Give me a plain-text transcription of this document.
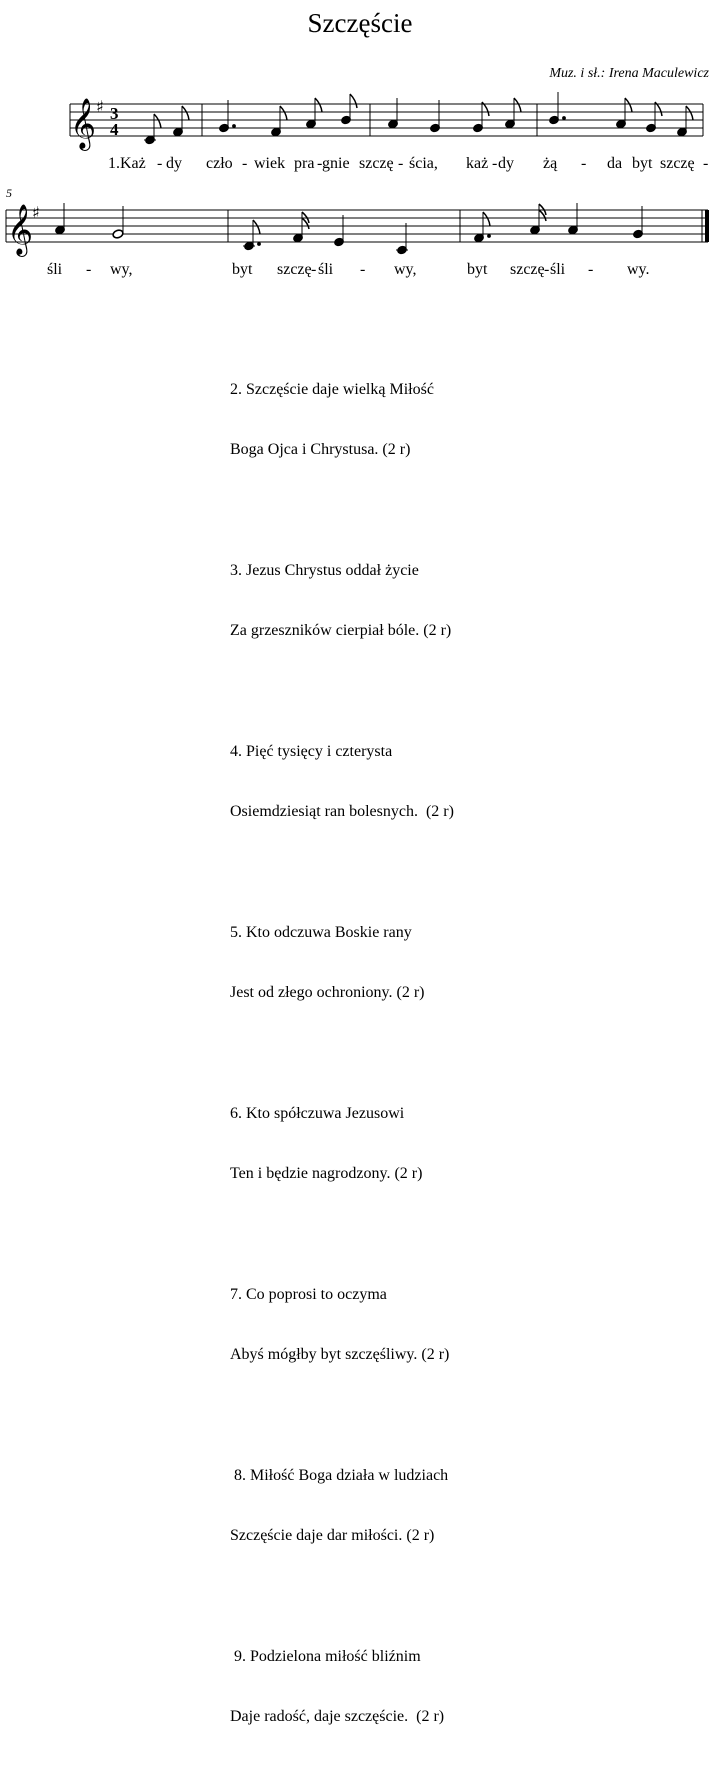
Szczęście
Muz. i sł.: Irena Maculewicz
𝄞 ♯ 3
4
1.Każ - dy czło - wiek pra - gnie szczę - ścia, każ - dy żą - da byt szczę -
5
𝄞
♯
śli - wy,	byt szczę - śli - wy,	byt szczę - śli - wy.

2. Szczęście daje wielką Miłość

Boga Ojca i Chrystusa. (2 r)

3. Jezus Chrystus oddał życie

Za grzeszników cierpiał bóle. (2 r)

4. Pięć tysięcy i czterysta

Osiemdziesiąt ran bolesnych.  (2 r)

5. Kto odczuwa Boskie rany

Jest od złego ochroniony. (2 r)

6. Kto spółczuwa Jezusowi

Ten i będzie nagrodzony. (2 r)

7. Co poprosi to oczyma

Abyś mógłby byt szczęśliwy. (2 r)

8. Miłość Boga działa w ludziach

Szczęście daje dar miłości. (2 r)

9. Podzielona miłość bliźnim

Daje radość, daje szczęście.  (2 r)
